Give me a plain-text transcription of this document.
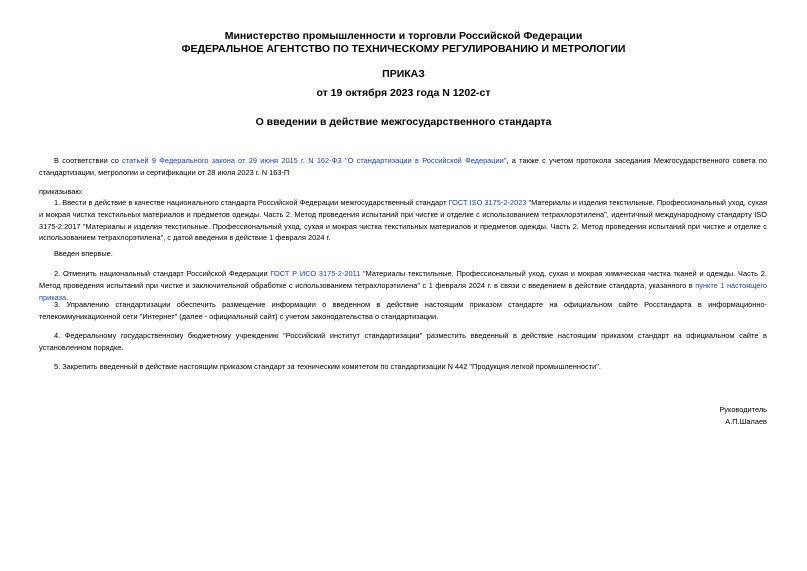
Министерство промышленности и торговли Российской Федерации
ФЕДЕРАЛЬНОЕ АГЕНТСТВО ПО ТЕХНИЧЕСКОМУ РЕГУЛИРОВАНИЮ И МЕТРОЛОГИИ
ПРИКАЗ
от 19 октября 2023 года N 1202-ст
О введении в действие межгосударственного стандарта

В соответствии со статьей 9 Федерального закона от 29 июня 2015 г. N 162-ФЗ "О стандартизации в Российской Федерации", а также с учетом протокола заседания Межгосударственного совета по стандартизации, метрологии и сертификации от 28 июля 2023 г. N 163-П

приказываю:

1. Ввести в действие в качестве национального стандарта Российской Федерации межгосударственный стандарт ГОСТ ISO 3175-2-2023 "Материалы и изделия текстильные. Профессиональный уход, сухая и мокрая чистка текстильных материалов и предметов одежды. Часть 2. Метод проведения испытаний при чистке и отделке с использованием тетрахлорэтилена", идентичный международному стандарту ISO 3175-2:2017 "Материалы и изделия текстильные. Профессиональный уход, сухая и мокрая чистка текстильных материалов и предметов одежды. Часть 2. Метод проведения испытаний при чистке и отделке с использованием тетрахлорэтилена", с датой введения в действие 1 февраля 2024 г.

Введен впервые.

2. Отменить национальный стандарт Российской Федерации ГОСТ Р ИСО 3175-2-2011 "Материалы текстильные. Профессиональный уход, сухая и мокрая химическая чистка тканей и одежды. Часть 2. Метод проведения испытаний при чистке и заключительной обработке с использованием тетрахлорэтилена" с 1 февраля 2024 г. в связи с введением в действие стандарта, указанного в пункте 1 настоящего приказа.

3. Управлению стандартизации обеспечить размещение информации о введенном в действие настоящим приказом стандарте на официальном сайте Росстандарта в информационно-телекоммуникационной сети "Интернет" (далее - официальный сайт) с учетом законодательства о стандартизации.

4. Федеральному государственному бюджетному учреждению "Российский институт стандартизации" разместить введенный в действие настоящим приказом стандарт на официальном сайте в установленном порядке.

5. Закрепить введенный в действие настоящим приказом стандарт за техническим комитетом по стандартизации N 442 "Продукция легкой промышленности".

Руководитель
А.П.Шалаев
